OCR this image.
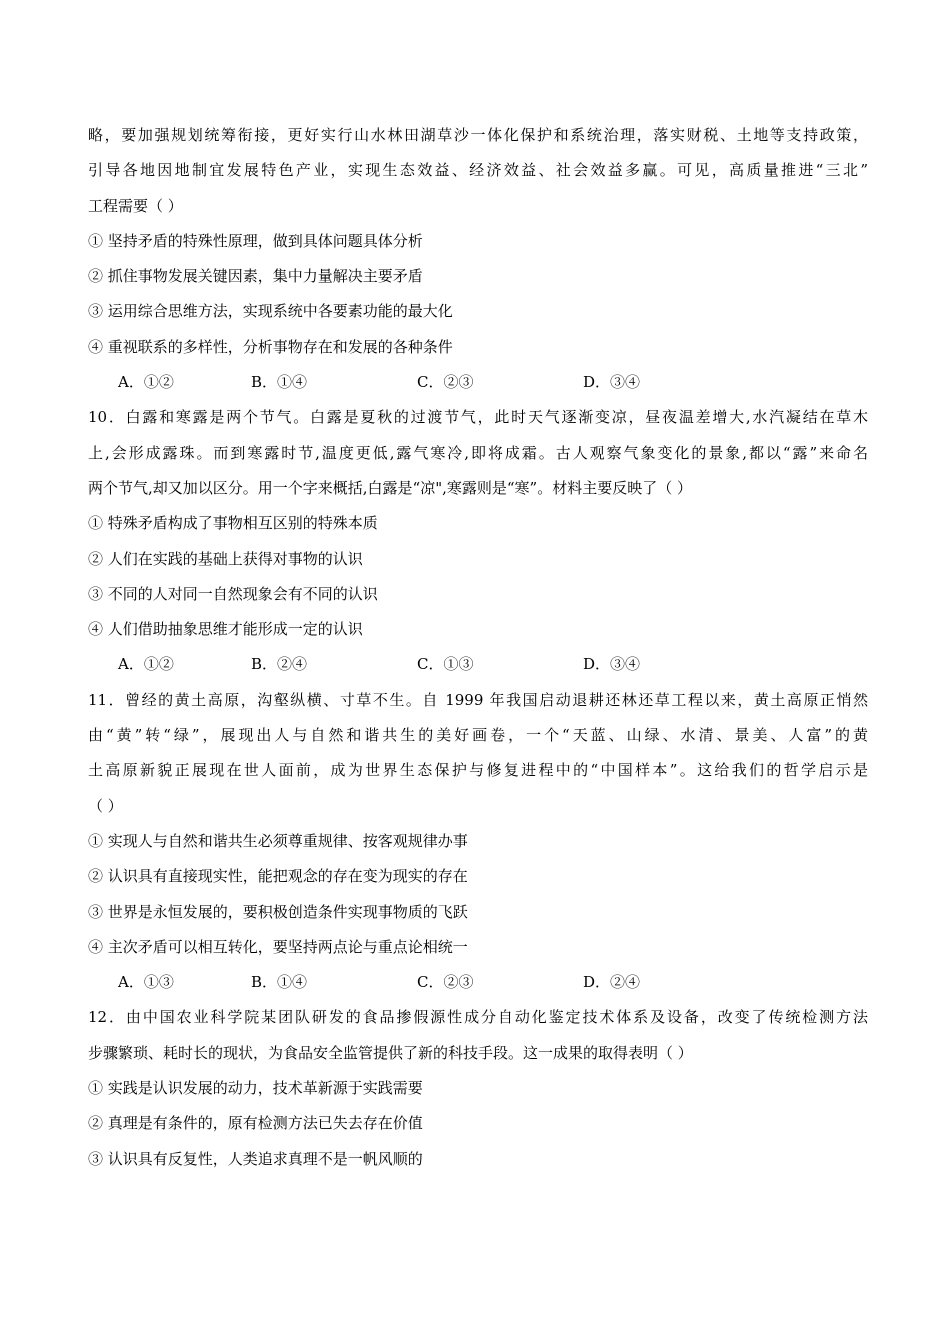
略，要加强规划统筹衔接，更好实行山水林田湖草沙一体化保护和系统治理，落实财税、土地等支持政策，
引导各地因地制宜发展特色产业，实现生态效益、经济效益、社会效益多赢。可见，高质量推进“三北”
工程需要（ ）
① 坚持矛盾的特殊性原理，做到具体问题具体分析
② 抓住事物发展关键因素，集中力量解决主要矛盾
③ 运用综合思维方法，实现系统中各要素功能的最大化
④ 重视联系的多样性，分析事物存在和发展的各种条件
A．①②	B．①④	C．②③	D．③④
10．白露和寒露是两个节气。白露是夏秋的过渡节气，此时天气逐渐变凉，昼夜温差增大,水汽凝结在草木
上,会形成露珠。而到寒露时节,温度更低,露气寒冷,即将成霜。古人观察气象变化的景象,都以“露”来命名
两个节气,却又加以区分。用一个字来概括,白露是“凉",寒露则是“寒”。材料主要反映了（ ）
① 特殊矛盾构成了事物相互区别的特殊本质
② 人们在实践的基础上获得对事物的认识
③ 不同的人对同一自然现象会有不同的认识
④ 人们借助抽象思维才能形成一定的认识
A．①②	B．②④	C．①③	D．③④
11．曾经的黄土高原，沟壑纵横、寸草不生。自 1999 年我国启动退耕还林还草工程以来，黄土高原正悄然
由“黄”转“绿”，展现出人与自然和谐共生的美好画卷，一个“天蓝、山绿、水清、景美、人富”的黄
土高原新貌正展现在世人面前，成为世界生态保护与修复进程中的“中国样本”。这给我们的哲学启示是
（ ）
① 实现人与自然和谐共生必须尊重规律、按客观规律办事
② 认识具有直接现实性，能把观念的存在变为现实的存在
③ 世界是永恒发展的，要积极创造条件实现事物质的飞跃
④ 主次矛盾可以相互转化，要坚持两点论与重点论相统一
A．①③	B．①④	C．②③	D．②④
12．由中国农业科学院某团队研发的食品掺假源性成分自动化鉴定技术体系及设备，改变了传统检测方法
步骤繁琐、耗时长的现状，为食品安全监管提供了新的科技手段。这一成果的取得表明（ ）
① 实践是认识发展的动力，技术革新源于实践需要
② 真理是有条件的，原有检测方法已失去存在价值
③ 认识具有反复性，人类追求真理不是一帆风顺的
